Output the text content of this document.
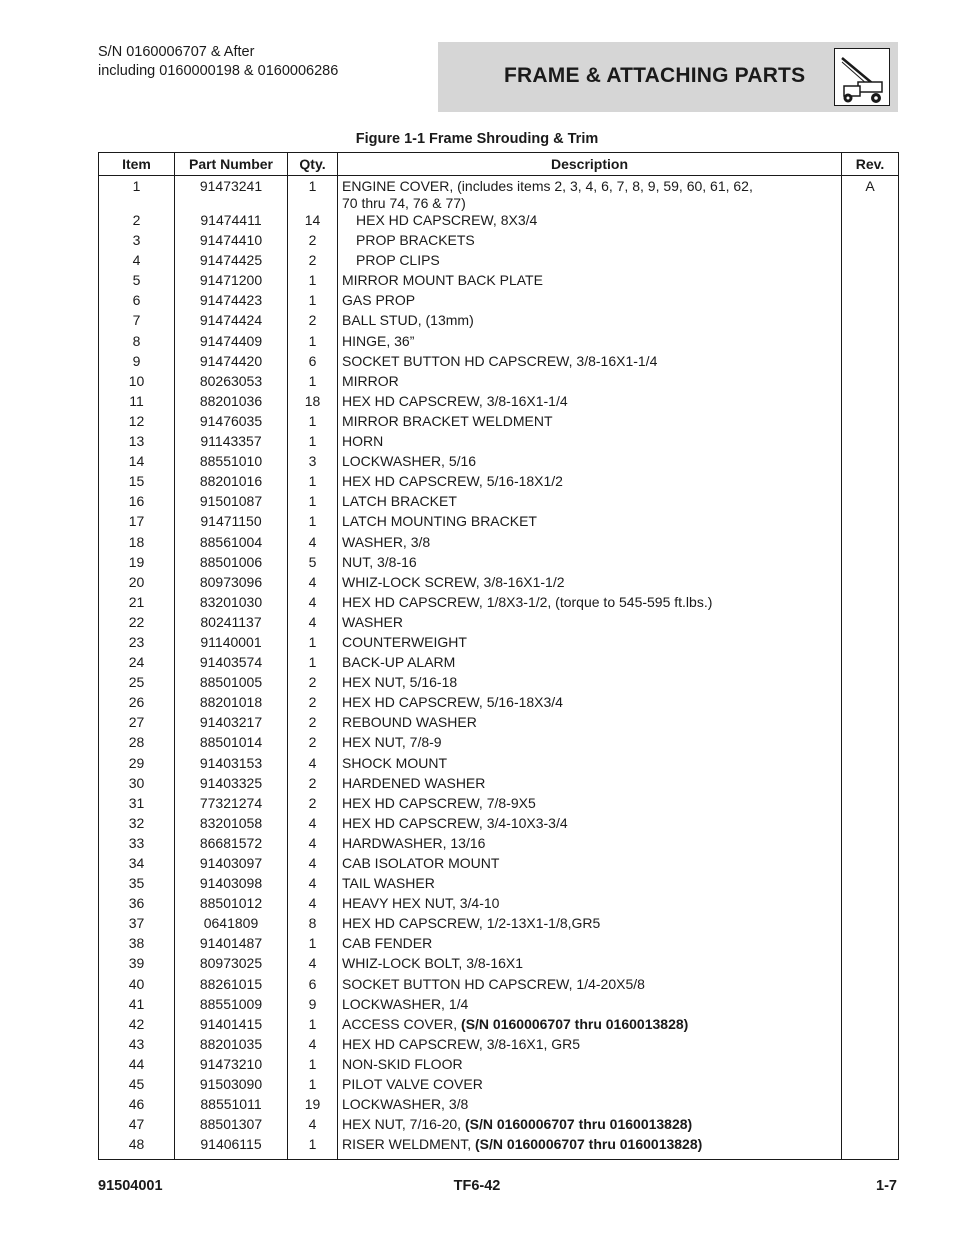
S/N 0160006707 & After
including 0160000198 & 0160006286	FRAME & ATTACHING PARTS
Figure 1-1 Frame Shrouding & Trim
Item	Part Number	Qty.	Description	Rev.
1	91473241	1	ENGINE COVER, (includes items 2, 3, 4, 6, 7, 8, 9, 59, 60, 61, 62,
70 thru 74, 76 & 77)	A
2	91474411	14	HEX HD CAPSCREW, 8X3/4	

3	91474410	2	PROP BRACKETS	

4	91474425	2	PROP CLIPS	

5	91471200	1	MIRROR MOUNT BACK PLATE	

6	91474423	1	GAS PROP	

7	91474424	2	BALL STUD, (13mm)	

8	91474409	1	HINGE, 36”	

9	91474420	6	SOCKET BUTTON HD CAPSCREW, 3/8-16X1-1/4	

10	80263053	1	MIRROR	

11	88201036	18	HEX HD CAPSCREW, 3/8-16X1-1/4	

12	91476035	1	MIRROR BRACKET WELDMENT	

13	91143357	1	HORN	

14	88551010	3	LOCKWASHER, 5/16	

15	88201016	1	HEX HD CAPSCREW, 5/16-18X1/2	

16	91501087	1	LATCH BRACKET	

17	91471150	1	LATCH MOUNTING BRACKET	

18	88561004	4	WASHER, 3/8	

19	88501006	5	NUT, 3/8-16	

20	80973096	4	WHIZ-LOCK SCREW, 3/8-16X1-1/2	

21	83201030	4	HEX HD CAPSCREW, 1/8X3-1/2, (torque to 545-595 ft.lbs.)	

22	80241137	4	WASHER	

23	91140001	1	COUNTERWEIGHT	

24	91403574	1	BACK-UP ALARM	

25	88501005	2	HEX NUT, 5/16-18	

26	88201018	2	HEX HD CAPSCREW, 5/16-18X3/4	

27	91403217	2	REBOUND WASHER	

28	88501014	2	HEX NUT, 7/8-9	

29	91403153	4	SHOCK MOUNT	

30	91403325	2	HARDENED WASHER	

31	77321274	2	HEX HD CAPSCREW, 7/8-9X5	

32	83201058	4	HEX HD CAPSCREW, 3/4-10X3-3/4	

33	86681572	4	HARDWASHER, 13/16	

34	91403097	4	CAB ISOLATOR MOUNT	

35	91403098	4	TAIL WASHER	

36	88501012	4	HEAVY HEX NUT, 3/4-10	

37	0641809	8	HEX HD CAPSCREW, 1/2-13X1-1/8,GR5	

38	91401487	1	CAB FENDER	

39	80973025	4	WHIZ-LOCK BOLT, 3/8-16X1	

40	88261015	6	SOCKET BUTTON HD CAPSCREW, 1/4-20X5/8	

41	88551009	9	LOCKWASHER, 1/4	

42	91401415	1	ACCESS COVER, (S/N 0160006707 thru 0160013828)	

43	88201035	4	HEX HD CAPSCREW, 3/8-16X1, GR5	

44	91473210	1	NON-SKID FLOOR	

45	91503090	1	PILOT VALVE COVER	

46	88551011	19	LOCKWASHER, 3/8	

47	88501307	4	HEX NUT, 7/16-20, (S/N 0160006707 thru 0160013828)	

48	91406115	1	RISER WELDMENT, (S/N 0160006707 thru 0160013828)	

91504001	TF6-42	1-7
